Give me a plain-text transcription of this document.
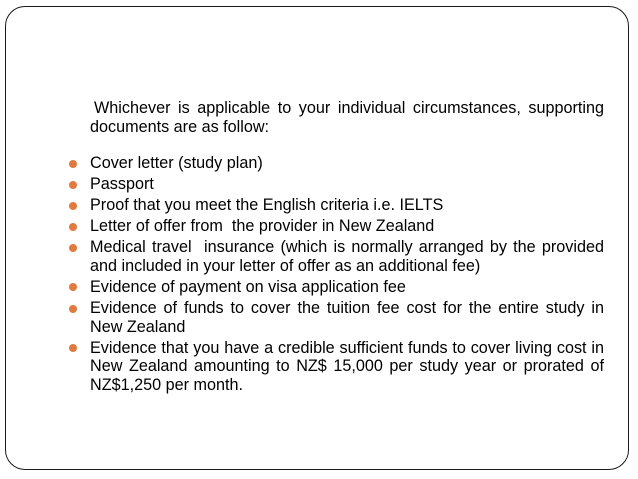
Whichever is applicable to your individual circumstances, supporting documents are as follow:

Cover letter (study plan)
Passport
Proof that you meet the English criteria i.e. IELTS
Letter of offer from  the provider in New Zealand
Medical travel  insurance (which is normally arranged by the provided and included in your letter of offer as an additional fee)
Evidence of payment on visa application fee
Evidence of funds to cover the tuition fee cost for the entire study in New Zealand
Evidence that you have a credible sufficient funds to cover living cost in New Zealand amounting to NZ$ 15,000 per study year or prorated of NZ$1,250 per month.
